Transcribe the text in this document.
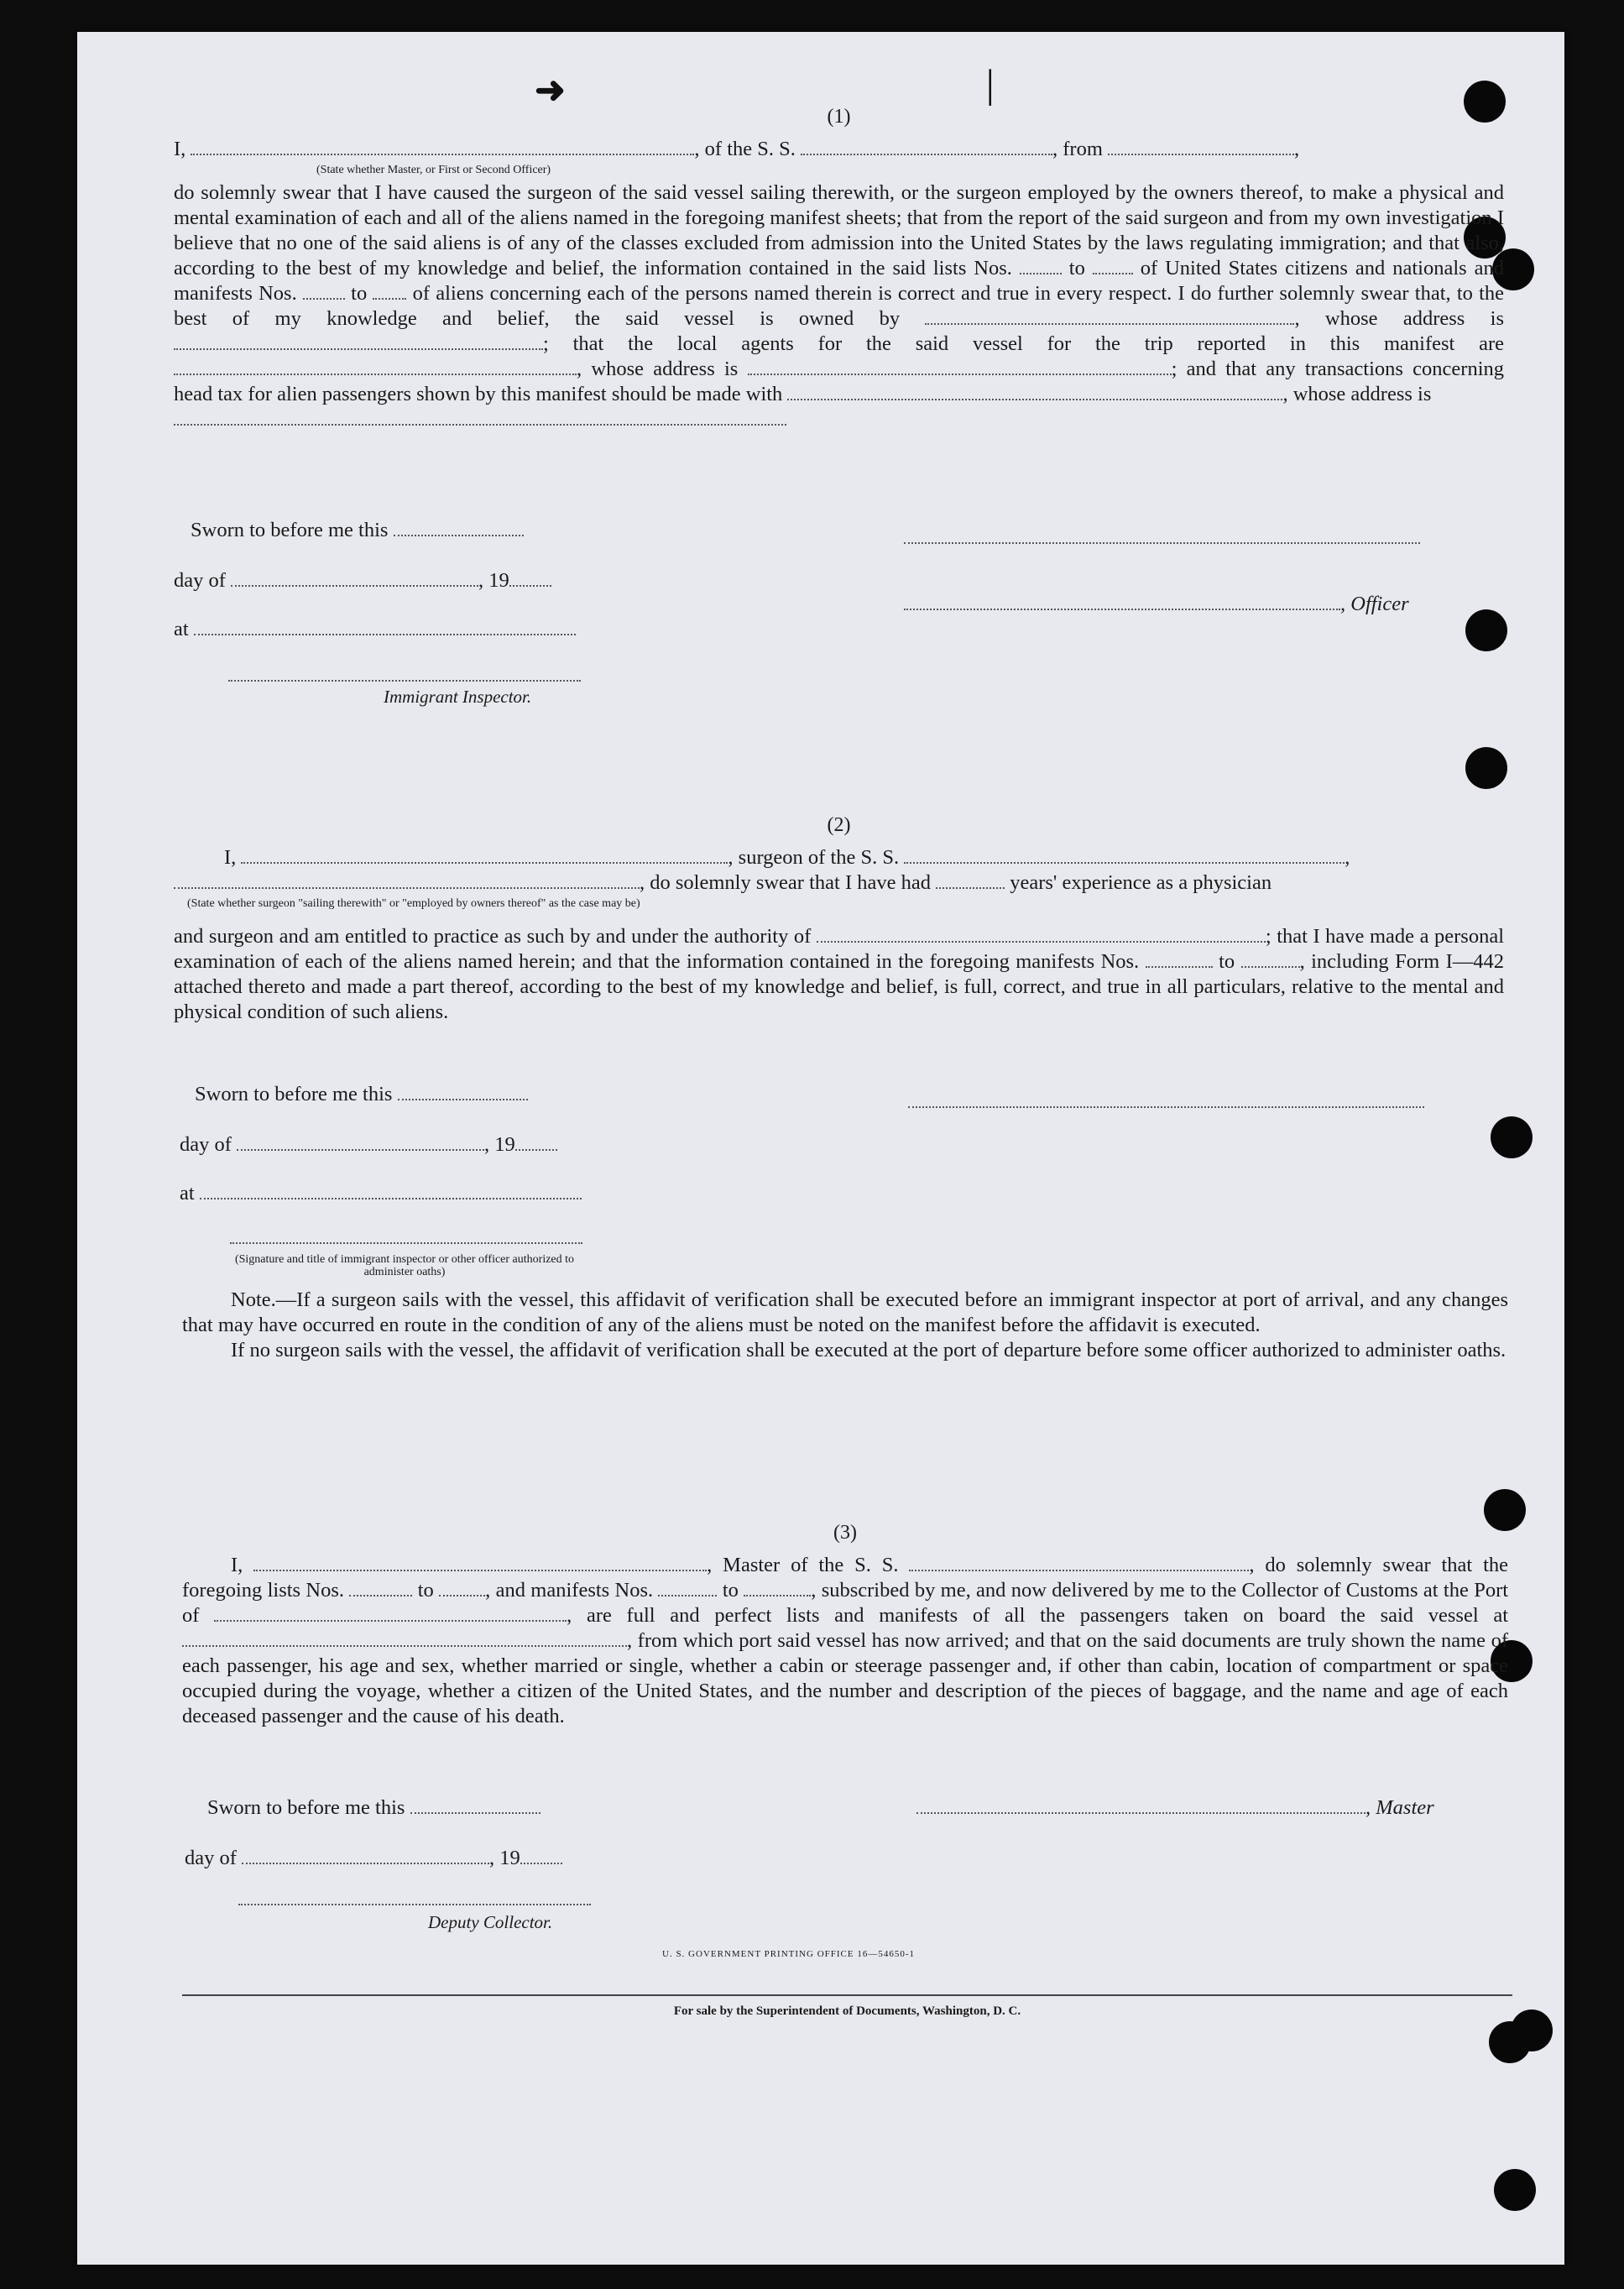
➜	│
(1)

I,	, of the S. S.	, from	,

(State whether Master, or First or Second Officer)

do solemnly swear that I have caused the surgeon of the said vessel sailing therewith, or the surgeon employed by the owners thereof, to make a physical and mental examination of each and all of the aliens named in the foregoing manifest sheets; that from the report of the said surgeon and from my own investigation I believe that no one of the said aliens is of any of the classes excluded from admission into the United States by the laws regulating immigration; and that also, according to the best of my knowledge and belief, the information contained in the said lists Nos.	to	of United States citizens and nationals and manifests Nos.	to of aliens concerning each of the persons named therein is correct and true in every respect. I do further solemnly swear that, to the best of my knowledge and belief, the said vessel is owned by	, whose address is ; that the local agents for the said vessel for the trip reported in this manifest are , whose address is	; and that any transactions concerning head tax for alien passengers shown by this manifest should be made with	, whose address is

Sworn to before me this
day of	, 19
at
, Officer
Immigrant Inspector.
(2)

I,	, surgeon of the S. S.	,

, do solemnly swear that I have had	years' experience as a physician

(State whether surgeon "sailing therewith" or "employed by owners thereof" as the case may be)

and surgeon and am entitled to practice as such by and under the authority of	; that I have made a personal examination of each of the aliens named herein; and that the information contained in the foregoing manifests Nos.	to	, including Form I—442 attached thereto and made a part thereof, according to the best of my knowledge and belief, is full, correct, and true in all particulars, relative to the mental and physical condition of such aliens.

Sworn to before me this
day of	, 19
at
(Signature and title of immigrant inspector or other officer authorized to administer oaths)

Note.—If a surgeon sails with the vessel, this affidavit of verification shall be executed before an immigrant inspector at port of arrival, and any changes that may have occurred en route in the condition of any of the aliens must be noted on the manifest before the affidavit is executed.

If no surgeon sails with the vessel, the affidavit of verification shall be executed at the port of departure before some officer authorized to administer oaths.

(3)

I,	, Master of the S. S.	, do solemnly swear that the foregoing lists Nos.	to	, and manifests Nos.	to	, subscribed by me, and now delivered by me to the Collector of Customs at the Port of	, are full and perfect lists and manifests of all the passengers taken on board the said vessel at , from which port said vessel has now arrived; and that on the said documents are truly shown the name of each passenger, his age and sex, whether married or single, whether a cabin or steerage passenger and, if other than cabin, location of compartment or space occupied during the voyage, whether a citizen of the United States, and the number and description of the pieces of baggage, and the name and age of each deceased passenger and the cause of his death.

Sworn to before me this	, Master
day of	, 19
Deputy Collector.
U. S. GOVERNMENT PRINTING OFFICE 16—54650-1
For sale by the Superintendent of Documents, Washington, D. C.
